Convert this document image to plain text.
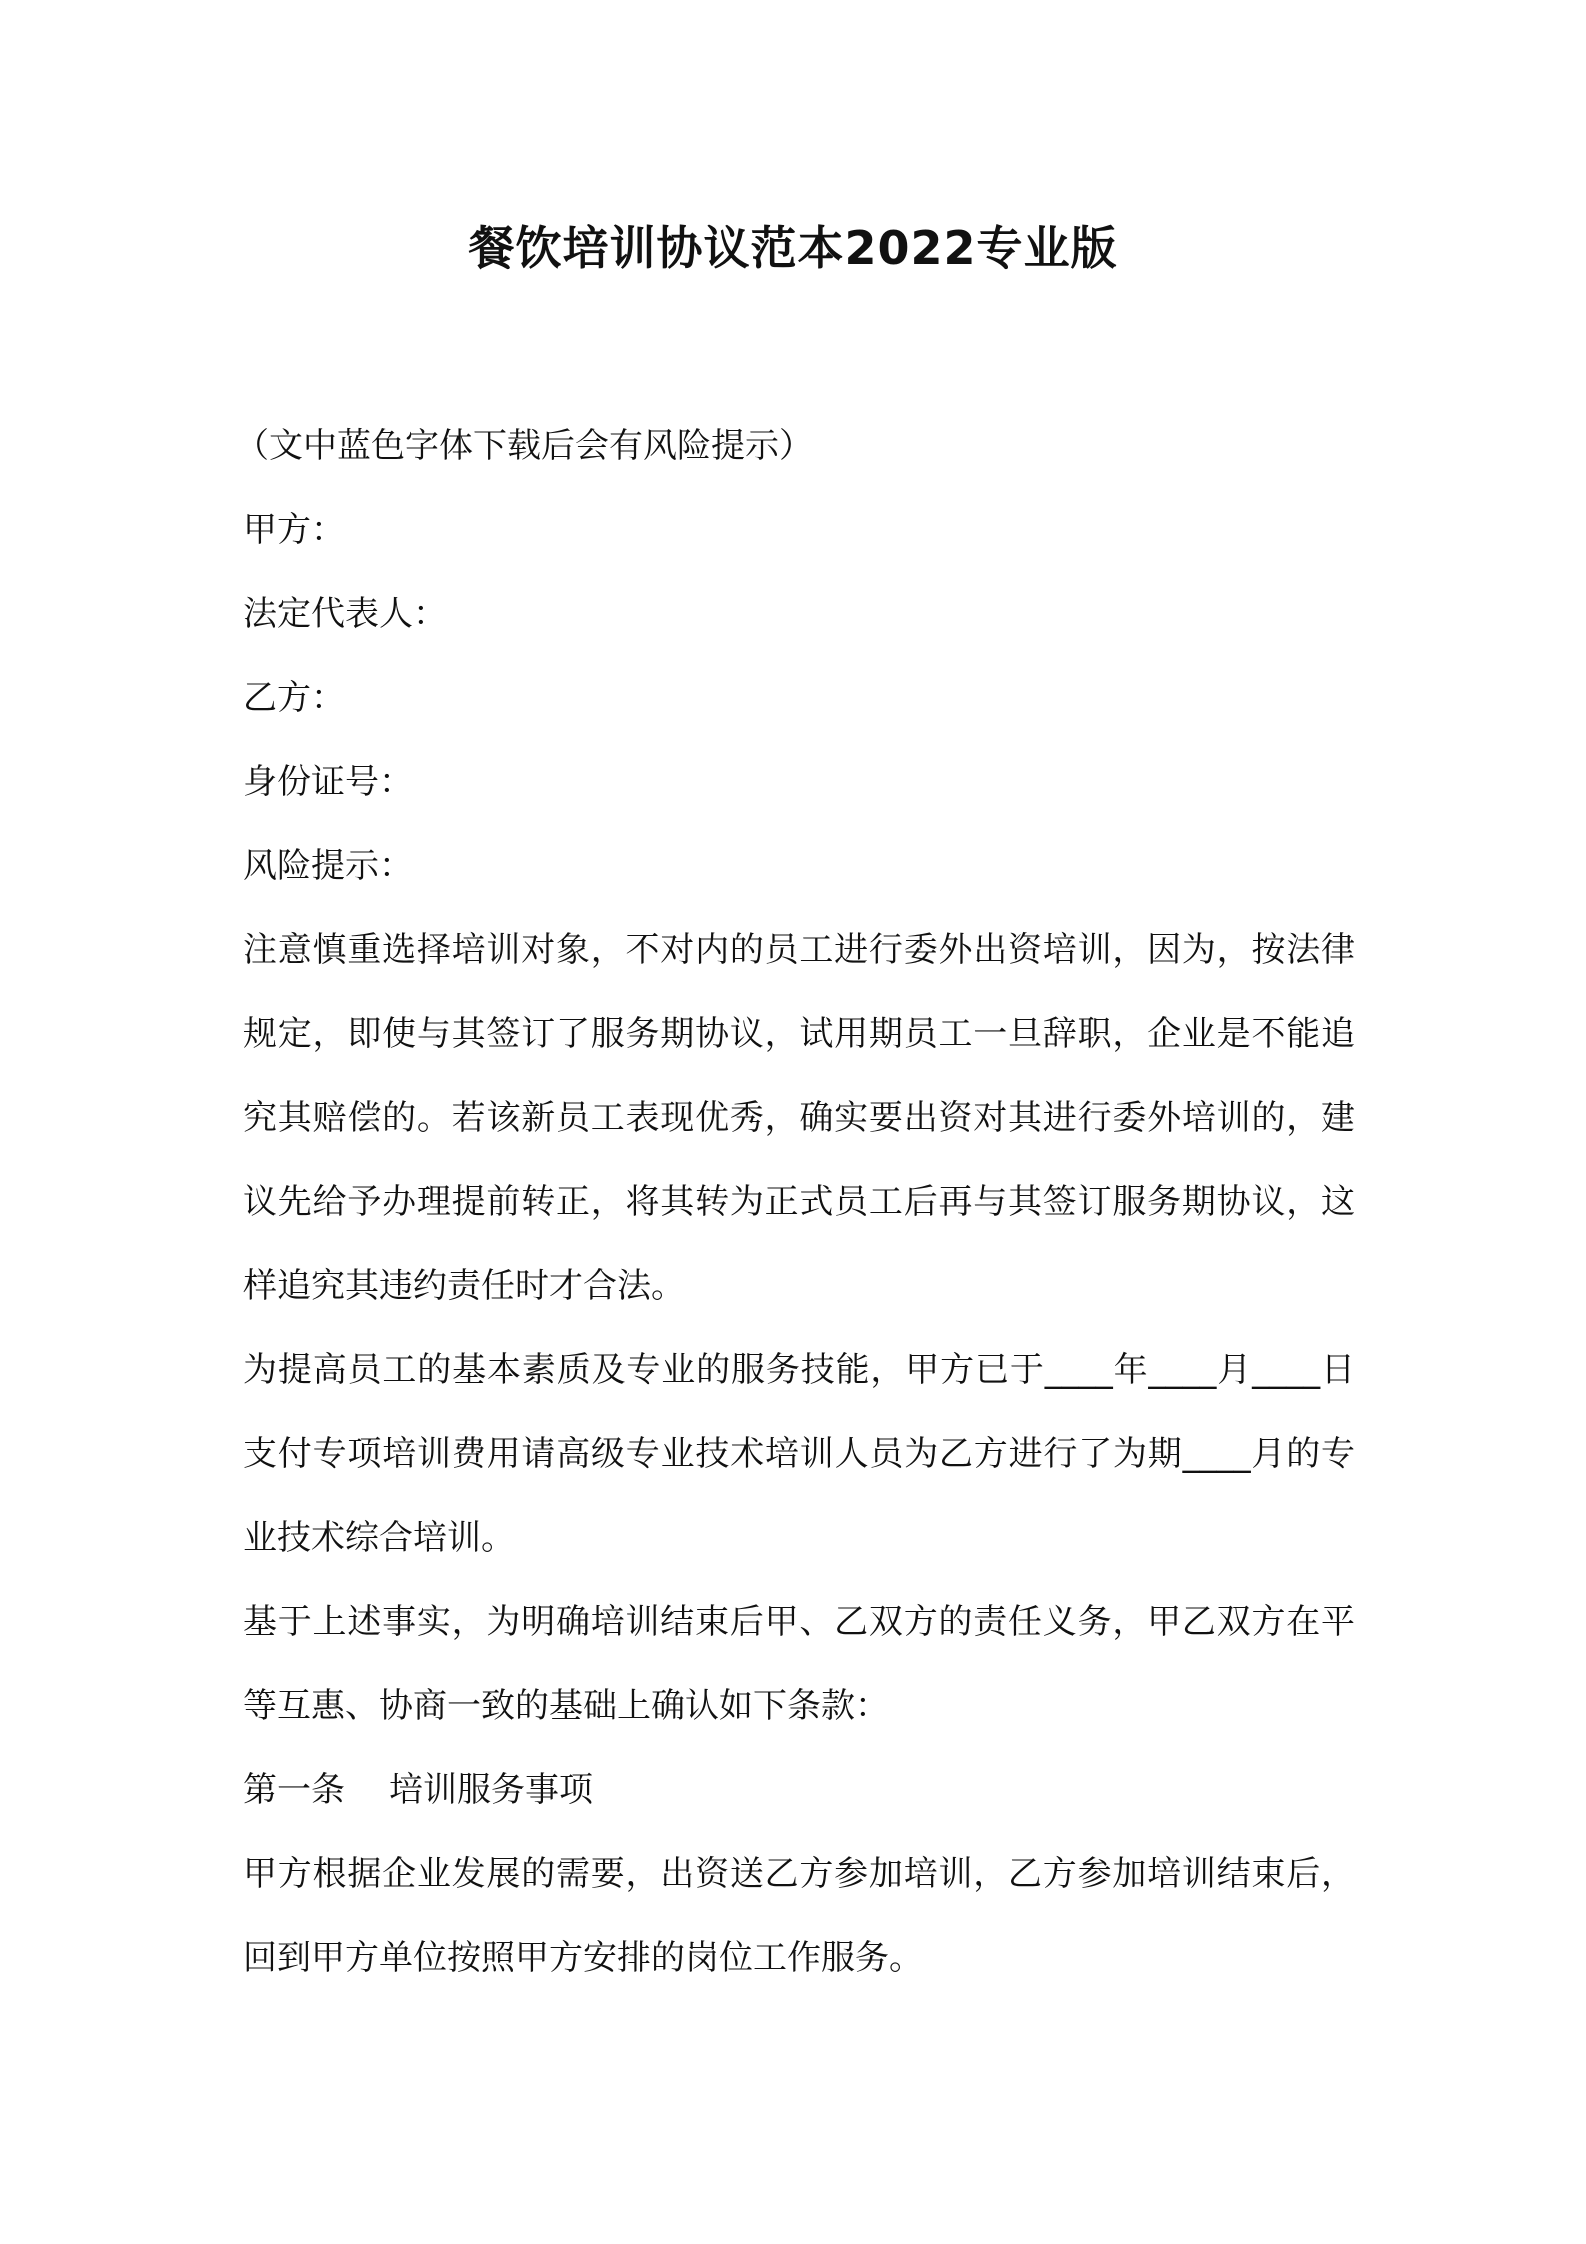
餐饮培训协议范本2022专业版

（文中蓝色字体下载后会有风险提示）

甲方：

法定代表人：

乙方：

身份证号：

风险提示：

注意慎重选择培训对象，不对内的员工进行委外出资培训，因为，按法律规定，即使与其签订了服务期协议，试用期员工一旦辞职，企业是不能追究其赔偿的。若该新员工表现优秀，确实要出资对其进行委外培训的，建议先给予办理提前转正，将其转为正式员工后再与其签订服务期协议，这样追究其违约责任时才合法。

为提高员工的基本素质及专业的服务技能，甲方已于____年____月____日支付专项培训费用请高级专业技术培训人员为乙方进行了为期____月的专业技术综合培训。

基于上述事实，为明确培训结束后甲、乙双方的责任义务，甲乙双方在平等互惠、协商一致的基础上确认如下条款：

第一条 培训服务事项

甲方根据企业发展的需要，出资送乙方参加培训，乙方参加培训结束后，回到甲方单位按照甲方安排的岗位工作服务。
